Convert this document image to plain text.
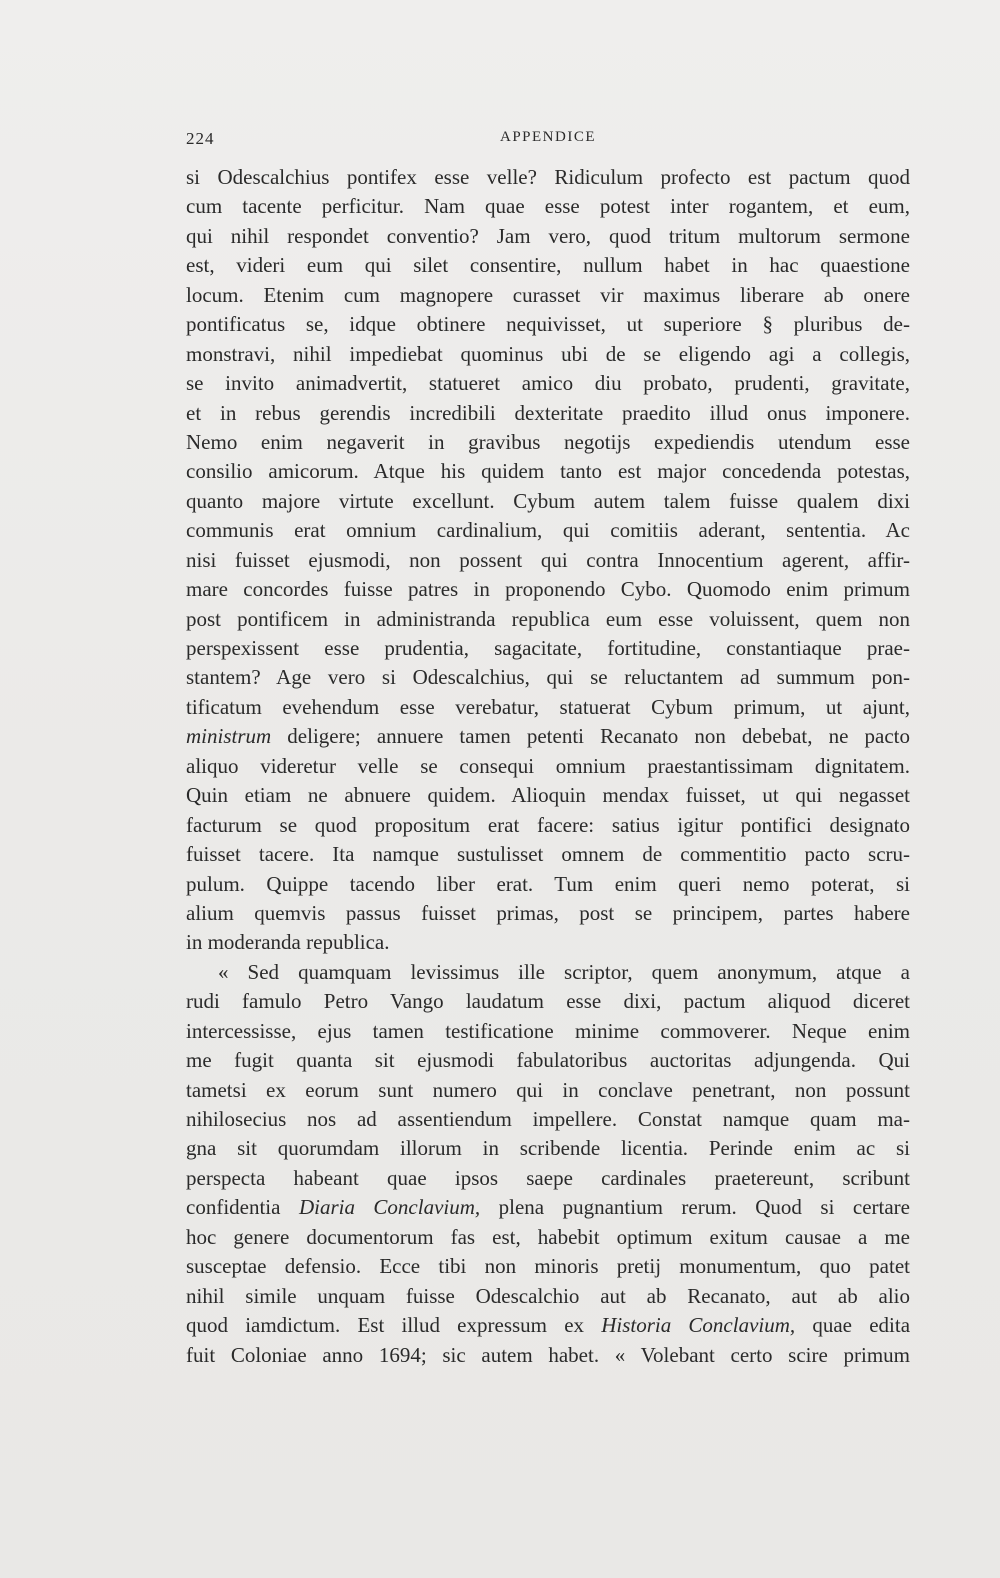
224	APPENDICE
si Odescalchius pontifex esse velle? Ridiculum profecto est pactum quod
cum tacente perficitur. Nam quae esse potest inter rogantem, et eum,
qui nihil respondet conventio? Jam vero, quod tritum multorum sermone
est, videri eum qui silet consentire, nullum habet in hac quaestione
locum. Etenim cum magnopere curasset vir maximus liberare ab onere
pontificatus se, idque obtinere nequivisset, ut superiore § pluribus de-
monstravi, nihil impediebat quominus ubi de se eligendo agi a collegis,
se invito animadvertit, statueret amico diu probato, prudenti, gravitate,
et in rebus gerendis incredibili dexteritate praedito illud onus imponere.
Nemo enim negaverit in gravibus negotijs expediendis utendum esse
consilio amicorum. Atque his quidem tanto est major concedenda potestas,
quanto majore virtute excellunt. Cybum autem talem fuisse qualem dixi
communis erat omnium cardinalium, qui comitiis aderant, sententia. Ac
nisi fuisset ejusmodi, non possent qui contra Innocentium agerent, affir-
mare concordes fuisse patres in proponendo Cybo. Quomodo enim primum
post pontificem in administranda republica eum esse voluissent, quem non
perspexissent esse prudentia, sagacitate, fortitudine, constantiaque prae-
stantem? Age vero si Odescalchius, qui se reluctantem ad summum pon-
tificatum evehendum esse verebatur, statuerat Cybum primum, ut ajunt,
ministrum deligere; annuere tamen petenti Recanato non debebat, ne pacto
aliquo videretur velle se consequi omnium praestantissimam dignitatem.
Quin etiam ne abnuere quidem. Alioquin mendax fuisset, ut qui negasset
facturum se quod propositum erat facere: satius igitur pontifici designato
fuisset tacere. Ita namque sustulisset omnem de commentitio pacto scru-
pulum. Quippe tacendo liber erat. Tum enim queri nemo poterat, si
alium quemvis passus fuisset primas, post se principem, partes habere
in moderanda republica.
« Sed quamquam levissimus ille scriptor, quem anonymum, atque a
rudi famulo Petro Vango laudatum esse dixi, pactum aliquod diceret
intercessisse, ejus tamen testificatione minime commoverer. Neque enim
me fugit quanta sit ejusmodi fabulatoribus auctoritas adjungenda. Qui
tametsi ex eorum sunt numero qui in conclave penetrant, non possunt
nihilosecius nos ad assentiendum impellere. Constat namque quam ma-
gna sit quorumdam illorum in scribende licentia. Perinde enim ac si
perspecta habeant quae ipsos saepe cardinales praetereunt, scribunt
confidentia Diaria Conclavium, plena pugnantium rerum. Quod si certare
hoc genere documentorum fas est, habebit optimum exitum causae a me
susceptae defensio. Ecce tibi non minoris pretij monumentum, quo patet
nihil simile unquam fuisse Odescalchio aut ab Recanato, aut ab alio
quod iamdictum. Est illud expressum ex Historia Conclavium, quae edita
fuit Coloniae anno 1694; sic autem habet. « Volebant certo scire primum
